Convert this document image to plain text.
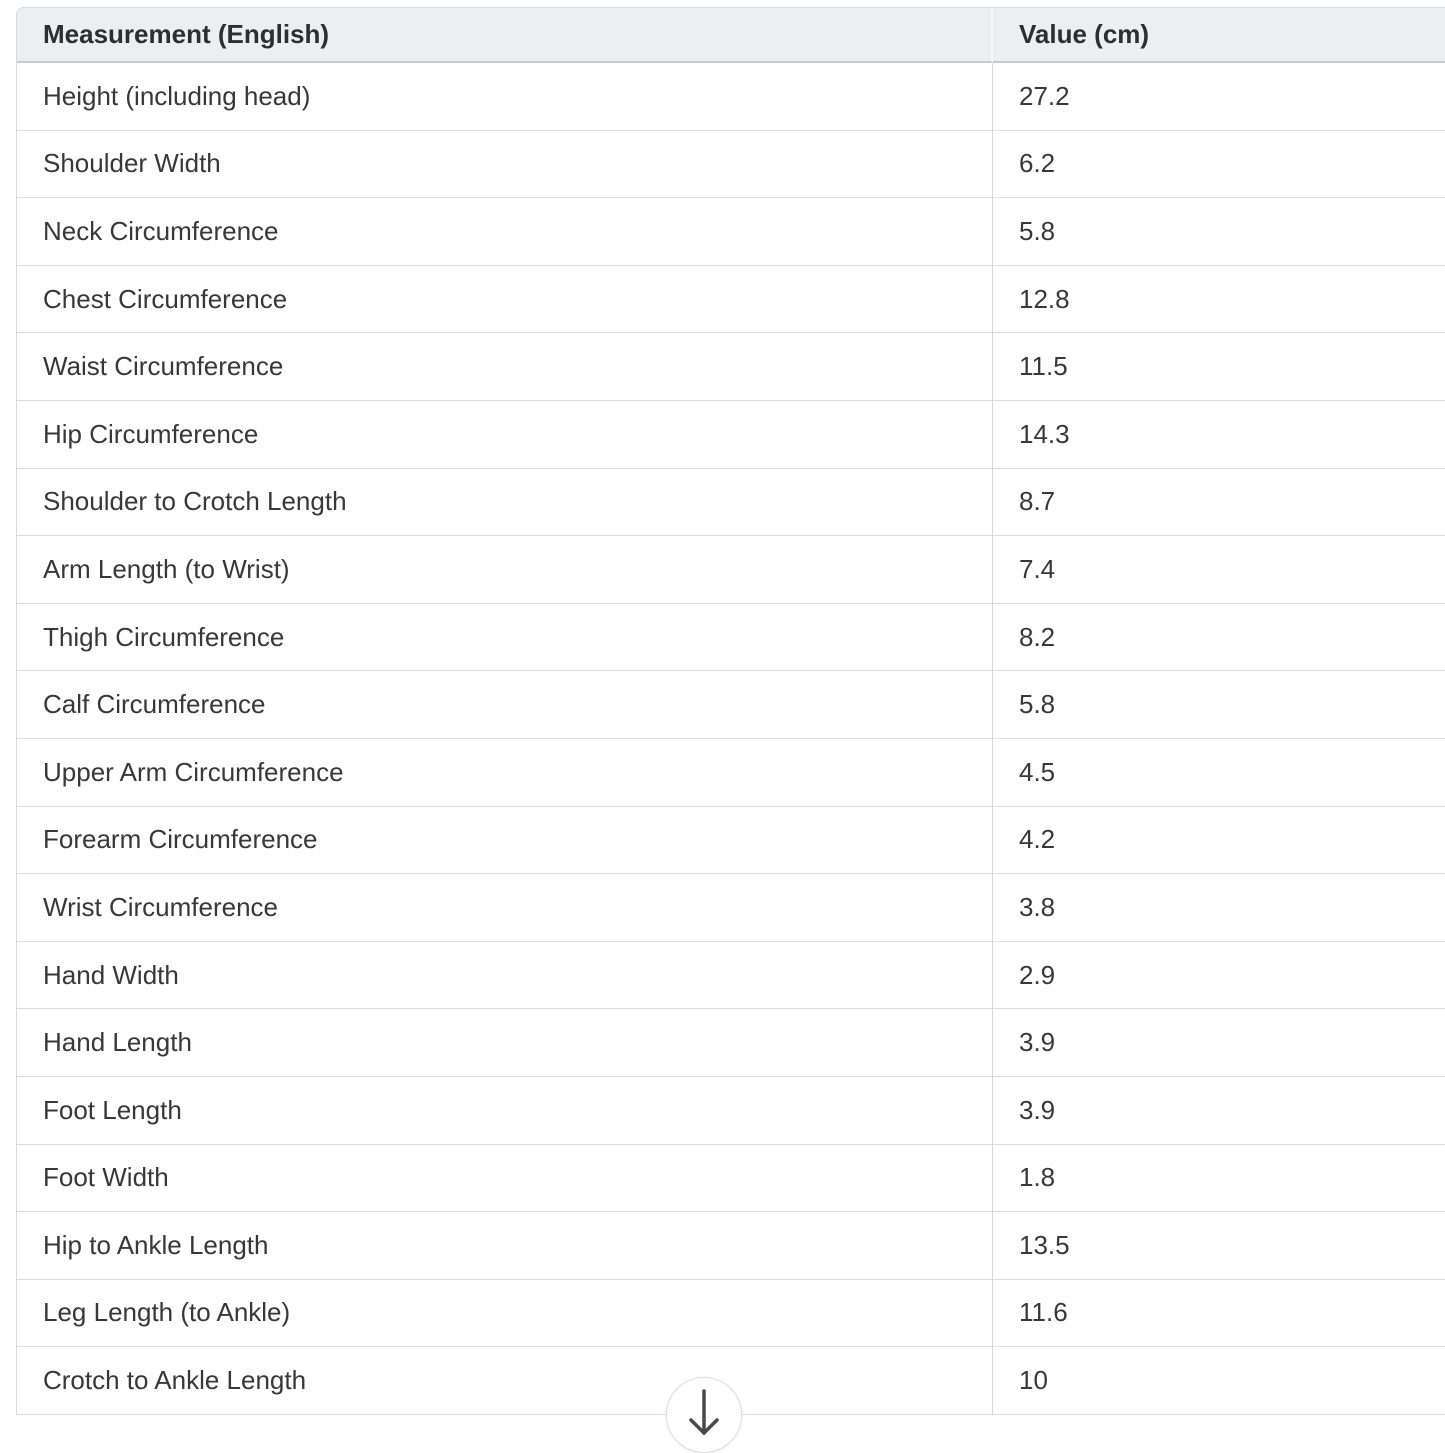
Measurement (English)	Value (cm)
Height (including head)	27.2
Shoulder Width	6.2
Neck Circumference	5.8
Chest Circumference	12.8
Waist Circumference	11.5
Hip Circumference	14.3
Shoulder to Crotch Length	8.7
Arm Length (to Wrist)	7.4
Thigh Circumference	8.2
Calf Circumference	5.8
Upper Arm Circumference	4.5
Forearm Circumference	4.2
Wrist Circumference	3.8
Hand Width	2.9
Hand Length	3.9
Foot Length	3.9
Foot Width	1.8
Hip to Ankle Length	13.5
Leg Length (to Ankle)	11.6
Crotch to Ankle Length	10
